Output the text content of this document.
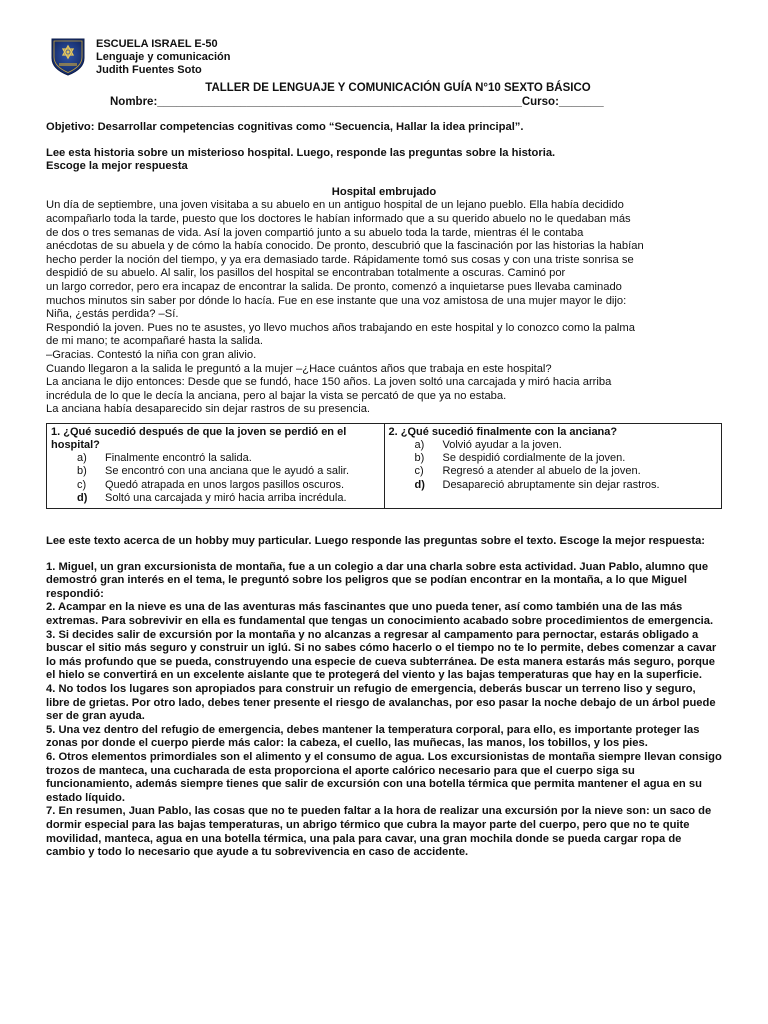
ESCUELA ISRAEL E-50
Lenguaje y comunicación
Judith Fuentes Soto
TALLER DE LENGUAJE Y COMUNICACIÓN GUÍA N°10 SEXTO BÁSICO
Nombre:_________________________________________________________Curso:_______

Objetivo: Desarrollar competencias cognitivas como “Secuencia, Hallar la idea principal”.

Lee esta historia sobre un misterioso hospital. Luego, responde las preguntas sobre la historia.

Escoge la mejor respuesta

Hospital embrujado

Un día de septiembre, una joven visitaba a su abuelo en un antiguo hospital de un lejano pueblo. Ella había decidido

acompañarlo toda la tarde, puesto que los doctores le habían informado que a su querido abuelo no le quedaban más

de dos o tres semanas de vida. Así la joven compartió junto a su abuelo toda la tarde, mientras él le contaba

anécdotas de su abuela y de cómo la había conocido. De pronto, descubrió que la fascinación por las historias la habían

hecho perder la noción del tiempo, y ya era demasiado tarde. Rápidamente tomó sus cosas y con una triste sonrisa se

despidió de su abuelo. Al salir, los pasillos del hospital se encontraban totalmente a oscuras. Caminó por

un largo corredor, pero era incapaz de encontrar la salida. De pronto, comenzó a inquietarse pues llevaba caminado

muchos minutos sin saber por dónde lo hacía. Fue en ese instante que una voz amistosa de una mujer mayor le dijo:

Niña, ¿estás perdida? –Sí.

Respondió la joven. Pues no te asustes, yo llevo muchos años trabajando en este hospital y lo conozco como la palma

de mi mano; te acompañaré hasta la salida.

–Gracias. Contestó la niña con gran alivio.

Cuando llegaron a la salida le preguntó a la mujer –¿Hace cuántos años que trabaja en este hospital?

La anciana le dijo entonces: Desde que se fundó, hace 150 años. La joven soltó una carcajada y miró hacia arriba

incrédula de lo que le decía la anciana, pero al bajar la vista se percató de que ya no estaba.

La anciana había desaparecido sin dejar rastros de su presencia.

1. ¿Qué sucedió después de que la joven se perdió en el hospital?
a)	Finalmente encontró la salida.
b)	Se encontró con una anciana que le ayudó a salir.
c)	Quedó atrapada en unos largos pasillos oscuros.
d)	Soltó una carcajada y miró hacia arriba incrédula.

2. ¿Qué sucedió finalmente con la anciana?
a)	Volvió ayudar a la joven.
b)	Se despidió cordialmente de la joven.
c)	Regresó a atender al abuelo de la joven.
d)	Desapareció abruptamente sin dejar rastros.

Lee este texto acerca de un hobby muy particular. Luego responde las preguntas sobre el texto. Escoge la mejor respuesta:

1. Miguel, un gran excursionista de montaña, fue a un colegio a dar una charla sobre esta actividad. Juan Pablo, alumno que demostró gran interés en el tema, le preguntó sobre los peligros que se podían encontrar en la montaña, a lo que Miguel respondió:

2. Acampar en la nieve es una de las aventuras más fascinantes que uno pueda tener, así como también una de las más extremas. Para sobrevivir en ella es fundamental que tengas un conocimiento acabado sobre procedimientos de emergencia.

3. Si decides salir de excursión por la montaña y no alcanzas a regresar al campamento para pernoctar, estarás obligado a buscar el sitio más seguro y construir un iglú. Si no sabes cómo hacerlo o el tiempo no te lo permite, debes comenzar a cavar lo más profundo que se pueda, construyendo una especie de cueva subterránea. De esta manera estarás más seguro, porque el hielo se convertirá en un excelente aislante que te protegerá del viento y las bajas temperaturas que hay en la superficie.

4. No todos los lugares son apropiados para construir un refugio de emergencia, deberás buscar un terreno liso y seguro, libre de grietas. Por otro lado, debes tener presente el riesgo de avalanchas, por eso pasar la noche debajo de un árbol puede ser de gran ayuda.

5. Una vez dentro del refugio de emergencia, debes mantener la temperatura corporal, para ello, es importante proteger las zonas por donde el cuerpo pierde más calor: la cabeza, el cuello, las muñecas, las manos, los tobillos, y los pies.

6. Otros elementos primordiales son el alimento y el consumo de agua. Los excursionistas de montaña siempre llevan consigo trozos de manteca, una cucharada de esta proporciona el aporte calórico necesario para que el cuerpo siga su funcionamiento, además siempre tienes que salir de excursión con una botella térmica que permita mantener el agua en su estado líquido.

7. En resumen, Juan Pablo, las cosas que no te pueden faltar a la hora de realizar una excursión por la nieve son: un saco de dormir especial para las bajas temperaturas, un abrigo térmico que cubra la mayor parte del cuerpo, pero que no te quite movilidad, manteca, agua en una botella térmica, una pala para cavar, una gran mochila donde se pueda cargar ropa de cambio y todo lo necesario que ayude a tu sobrevivencia en caso de accidente.
